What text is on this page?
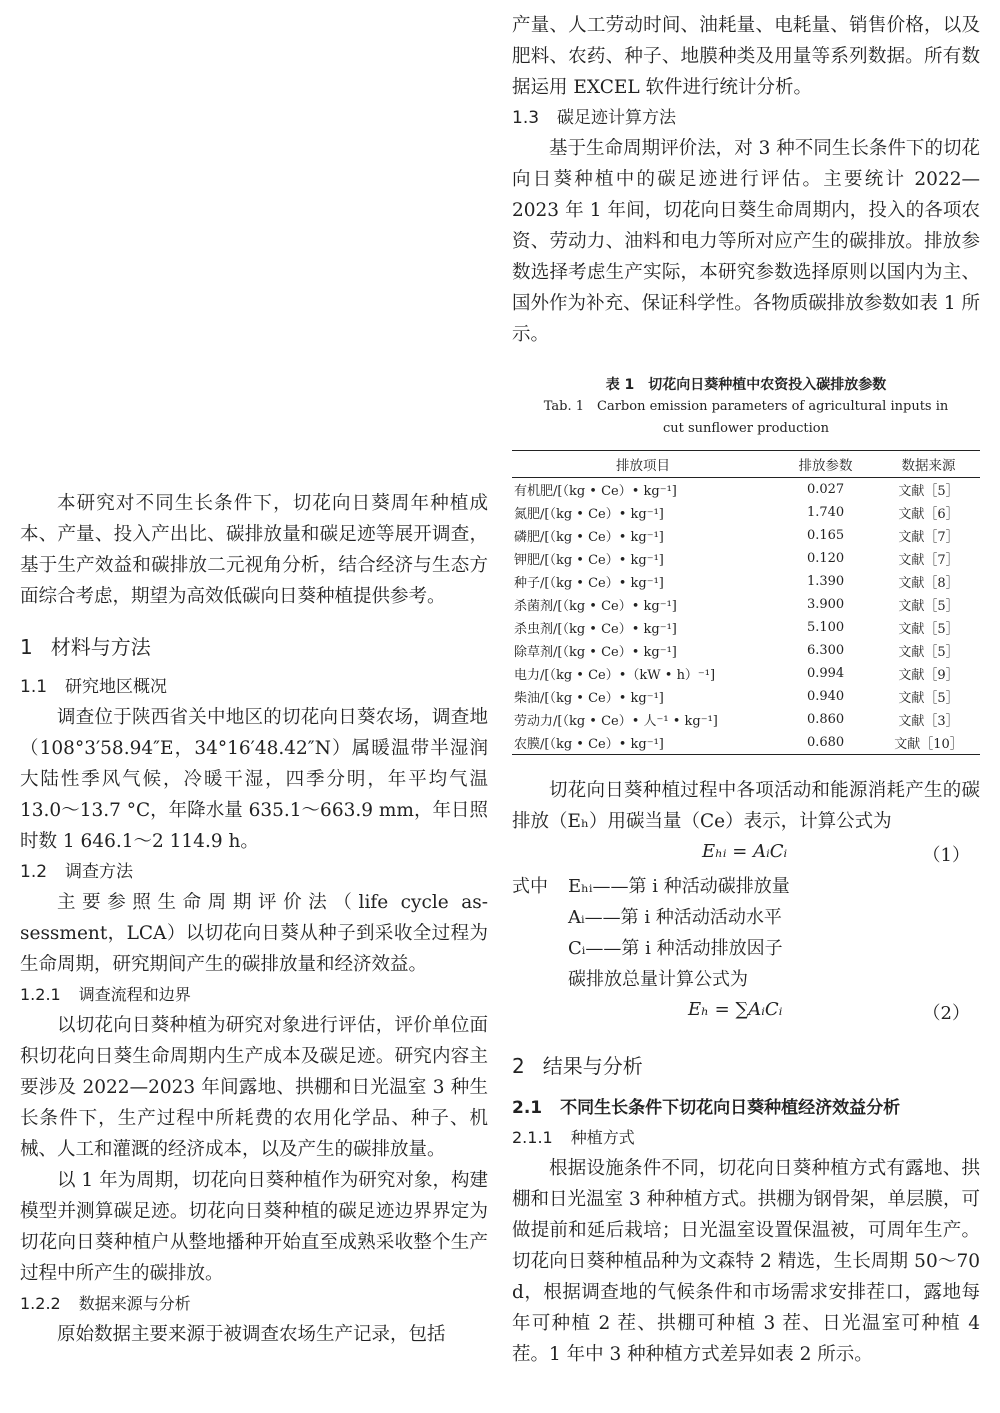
本研究对不同生长条件下，切花向日葵周年种植成本、产量、投入产出比、碳排放量和碳足迹等展开调查，基于生产效益和碳排放二元视角分析，结合经济与生态方面综合考虑，期望为高效低碳向日葵种植提供参考。

1 材料与方法
1.1 研究地区概况

调查位于陕西省关中地区的切花向日葵农场，调查地（108°3′58.94″E，34°16′48.42″N）属暖温带半湿润大陆性季风气候，冷暖干湿，四季分明，年平均气温 13.0～13.7 °C，年降水量 635.1～663.9 mm，年日照时数 1 646.1～2 114.9 h。

1.2 调查方法

主要参照生命周期评价法（life cycle as-sessment，LCA）以切花向日葵从种子到采收全过程为生命周期，研究期间产生的碳排放量和经济效益。

1.2.1 调查流程和边界

以切花向日葵种植为研究对象进行评估，评价单位面积切花向日葵生命周期内生产成本及碳足迹。研究内容主要涉及 2022—2023 年间露地、拱棚和日光温室 3 种生长条件下，生产过程中所耗费的农用化学品、种子、机械、人工和灌溉的经济成本，以及产生的碳排放量。

以 1 年为周期，切花向日葵种植作为研究对象，构建模型并测算碳足迹。切花向日葵种植的碳足迹边界界定为切花向日葵种植户从整地播种开始直至成熟采收整个生产过程中所产生的碳排放。

1.2.2 数据来源与分析

原始数据主要来源于被调查农场生产记录，包括

产量、人工劳动时间、油耗量、电耗量、销售价格，以及肥料、农药、种子、地膜种类及用量等系列数据。所有数据运用 EXCEL 软件进行统计分析。

1.3 碳足迹计算方法

基于生命周期评价法，对 3 种不同生长条件下的切花向日葵种植中的碳足迹进行评估。主要统计 2022—2023 年 1 年间，切花向日葵生命周期内，投入的各项农资、劳动力、油料和电力等所对应产生的碳排放。排放参数选择考虑生产实际，本研究参数选择原则以国内为主、国外作为补充、保证科学性。各物质碳排放参数如表 1 所示。

表 1　切花向日葵种植中农资投入碳排放参数
Tab. 1　Carbon emission parameters of agricultural inputs in cut sunflower production
排放项目	排放参数	数据来源
有机肥/[（kg • Ce）• kg⁻¹]	0.027	文献［5］
氮肥/[（kg • Ce）• kg⁻¹]	1.740	文献［6］
磷肥/[（kg • Ce）• kg⁻¹]	0.165	文献［7］
钾肥/[（kg • Ce）• kg⁻¹]	0.120	文献［7］
种子/[（kg • Ce）• kg⁻¹]	1.390	文献［8］
杀菌剂/[（kg • Ce）• kg⁻¹]	3.900	文献［5］
杀虫剂/[（kg • Ce）• kg⁻¹]	5.100	文献［5］
除草剂/[（kg • Ce）• kg⁻¹]	6.300	文献［5］
电力/[（kg • Ce）•（kW • h）⁻¹]	0.994	文献［9］
柴油/[（kg • Ce）• kg⁻¹]	0.940	文献［5］
劳动力/[（kg • Ce）• 人⁻¹ • kg⁻¹]	0.860	文献［3］
农膜/[（kg • Ce）• kg⁻¹]	0.680	文献［10］

切花向日葵种植过程中各项活动和能源消耗产生的碳排放（Eₕ）用碳当量（Ce）表示，计算公式为

Eₕᵢ = AᵢCᵢ	（1）
式中 Eₕᵢ——第 i 种活动碳排放量
Aᵢ——第 i 种活动活动水平
Cᵢ——第 i 种活动排放因子
碳排放总量计算公式为
Eₕ = ∑AᵢCᵢ	（2）
2 结果与分析
2.1 不同生长条件下切花向日葵种植经济效益分析
2.1.1 种植方式

根据设施条件不同，切花向日葵种植方式有露地、拱棚和日光温室 3 种种植方式。拱棚为钢骨架，单层膜，可做提前和延后栽培；日光温室设置保温被，可周年生产。切花向日葵种植品种为文森特 2 精选，生长周期 50～70 d，根据调查地的气候条件和市场需求安排茬口，露地每年可种植 2 茬、拱棚可种植 3 茬、日光温室可种植 4 茬。1 年中 3 种种植方式差异如表 2 所示。
